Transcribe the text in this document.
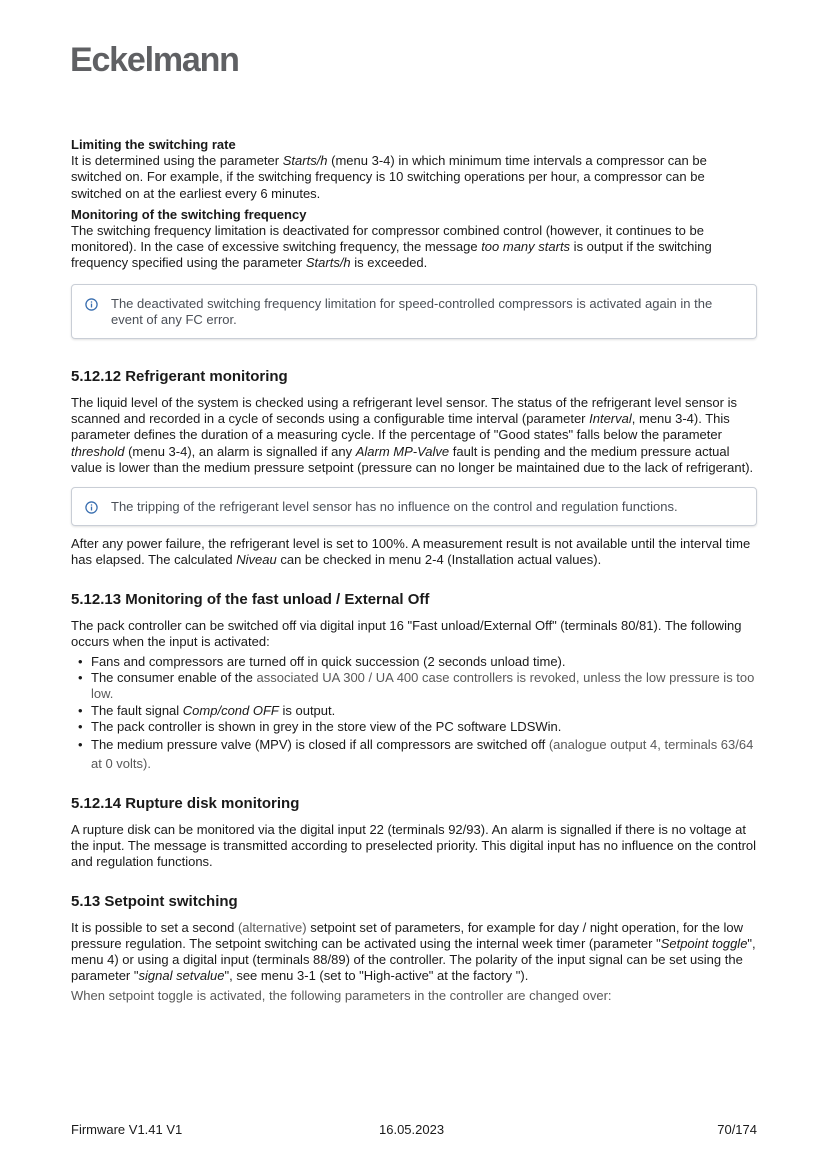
Eckelmann

Limiting the switching rate

It is determined using the parameter Starts/h (menu 3-4) in which minimum time intervals a compressor can be switched on. For example, if the switching frequency is 10 switching operations per hour, a compressor can be switched on at the earliest every 6 minutes.

Monitoring of the switching frequency

The switching frequency limitation is deactivated for compressor combined control (however, it continues to be monitored). In the case of excessive switching frequency, the message too many starts is output if the switching frequency specified using the parameter Starts/h is exceeded.

The deactivated switching frequency limitation for speed-controlled compressors is activated again in the event of any FC error.

5.12.12 Refrigerant monitoring

The liquid level of the system is checked using a refrigerant level sensor. The status of the refrigerant level sensor is scanned and recorded in a cycle of seconds using a configurable time interval (parameter Interval, menu 3-4). This parameter defines the duration of a measuring cycle. If the percentage of "Good states" falls below the parameter threshold (menu 3-4), an alarm is signalled if any Alarm MP-Valve fault is pending and the medium pressure actual value is lower than the medium pressure setpoint (pressure can no longer be maintained due to the lack of refrigerant).

The tripping of the refrigerant level sensor has no influence on the control and regulation functions.

After any power failure, the refrigerant level is set to 100%. A measurement result is not available until the interval time has elapsed. The calculated Niveau can be checked in menu 2-4 (Installation actual values).

5.12.13 Monitoring of the fast unload / External Off

The pack controller can be switched off via digital input 16 "Fast unload/External Off" (terminals 80/81). The following occurs when the input is activated:

• Fans and compressors are turned off in quick succession (2 seconds unload time).
• The consumer enable of the associated UA 300 / UA 400 case controllers is revoked, unless the low pressure is too low.
• The fault signal Comp/cond OFF is output.
• The pack controller is shown in grey in the store view of the PC software LDSWin.
• The medium pressure valve (MPV) is closed if all compressors are switched off (analogue output 4, terminals 63/64 at 0 volts).

5.12.14 Rupture disk monitoring

A rupture disk can be monitored via the digital input 22 (terminals 92/93). An alarm is signalled if there is no voltage at the input. The message is transmitted according to preselected priority. This digital input has no influence on the control and regulation functions.

5.13 Setpoint switching

It is possible to set a second (alternative) setpoint set of parameters, for example for day / night operation, for the low pressure regulation. The setpoint switching can be activated using the internal week timer (parameter "Setpoint toggle", menu 4) or using a digital input (terminals 88/89) of the controller. The polarity of the input signal can be set using the parameter "signal setvalue", see menu 3-1 (set to "High-active" at the factory ").

When setpoint toggle is activated, the following parameters in the controller are changed over:

Firmware V1.41 V1	16.05.2023	70/174
